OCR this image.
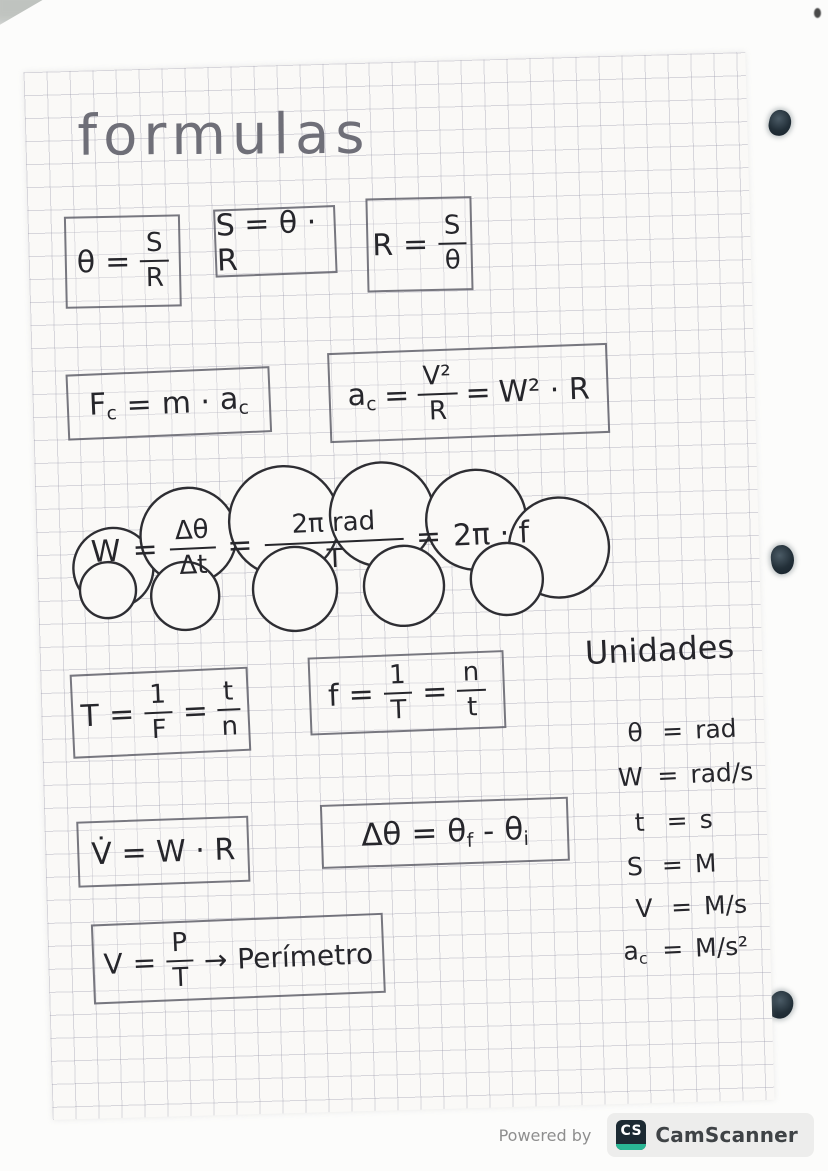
formulas
$\theta = \frac{S}{R}$
S = θ · R	$R = \frac{S}{\theta}$
$F_c = m \cdot a_c$	$a_c = \frac{\text{V²}}{R} = W^2 \cdot R$
$W = \frac{\Delta\theta}{\Delta t} = \frac{\text{2π rad}}{T} = 2\pi \cdot f$
$T = \frac{1}{F} = \frac{t}{n}$	$f = \frac{1}{T} = \frac{n}{t}$
Unidades
θ = rad
W = rad/s
t = s
S = M
V = M/s
$a_c = M/s^2$
V̇ = W · R	$\Delta\theta = \theta_f - \theta_i$
$V = \frac{P}{T}$ → Perímetro
Powered by CS CamScanner
